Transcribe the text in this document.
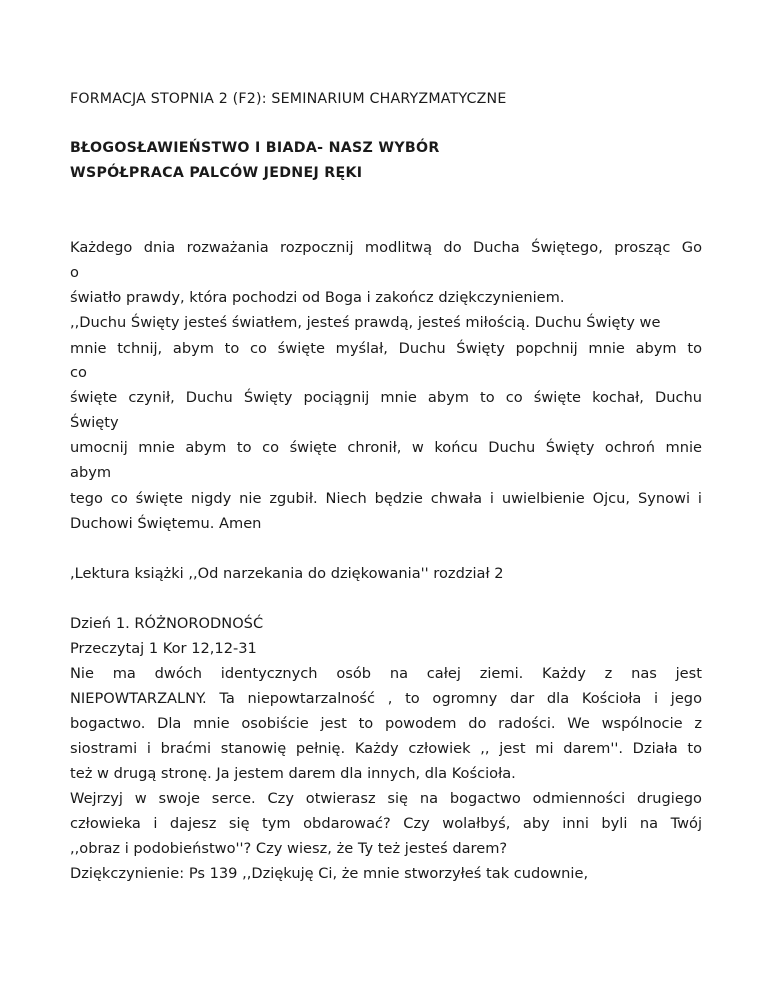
FORMACJA STOPNIA 2 (F2): SEMINARIUM CHARYZMATYCZNE
BŁOGOSŁAWIEŃSTWO I BIADA- NASZ WYBÓR
WSPÓŁPRACA PALCÓW JEDNEJ RĘKI
Każdego dnia rozważania rozpocznij modlitwą do Ducha Świętego, prosząc Go
o
światło prawdy, która pochodzi od Boga i zakończ dziękczynieniem.
,,Duchu Święty jesteś światłem, jesteś prawdą, jesteś miłością. Duchu Święty we
mnie tchnij, abym to co święte myślał, Duchu Święty popchnij mnie abym to
co
święte czynił, Duchu Święty pociągnij mnie abym to co święte kochał, Duchu
Święty
umocnij mnie abym to co święte chronił, w końcu Duchu Święty ochroń mnie
abym
tego co święte nigdy nie zgubił. Niech będzie chwała i uwielbienie Ojcu, Synowi i
Duchowi Świętemu. Amen
,Lektura książki ,,Od narzekania do dziękowania'' rozdział 2
Dzień 1. RÓŻNORODNOŚĆ
Przeczytaj 1 Kor 12,12-31
Nie ma dwóch identycznych osób na całej ziemi. Każdy z nas jest
NIEPOWTARZALNY. Ta niepowtarzalność , to ogromny dar dla Kościoła i jego
bogactwo. Dla mnie osobiście jest to powodem do radości. We wspólnocie z
siostrami i braćmi stanowię pełnię. Każdy człowiek ,, jest mi darem''. Działa to
też w drugą stronę. Ja jestem darem dla innych, dla Kościoła.
Wejrzyj w swoje serce. Czy otwierasz się na bogactwo odmienności drugiego
człowieka i dajesz się tym obdarować? Czy wolałbyś, aby inni byli na Twój
,,obraz i podobieństwo''? Czy wiesz, że Ty też jesteś darem?
Dziękczynienie: Ps 139 ,,Dziękuję Ci, że mnie stworzyłeś tak cudownie,
